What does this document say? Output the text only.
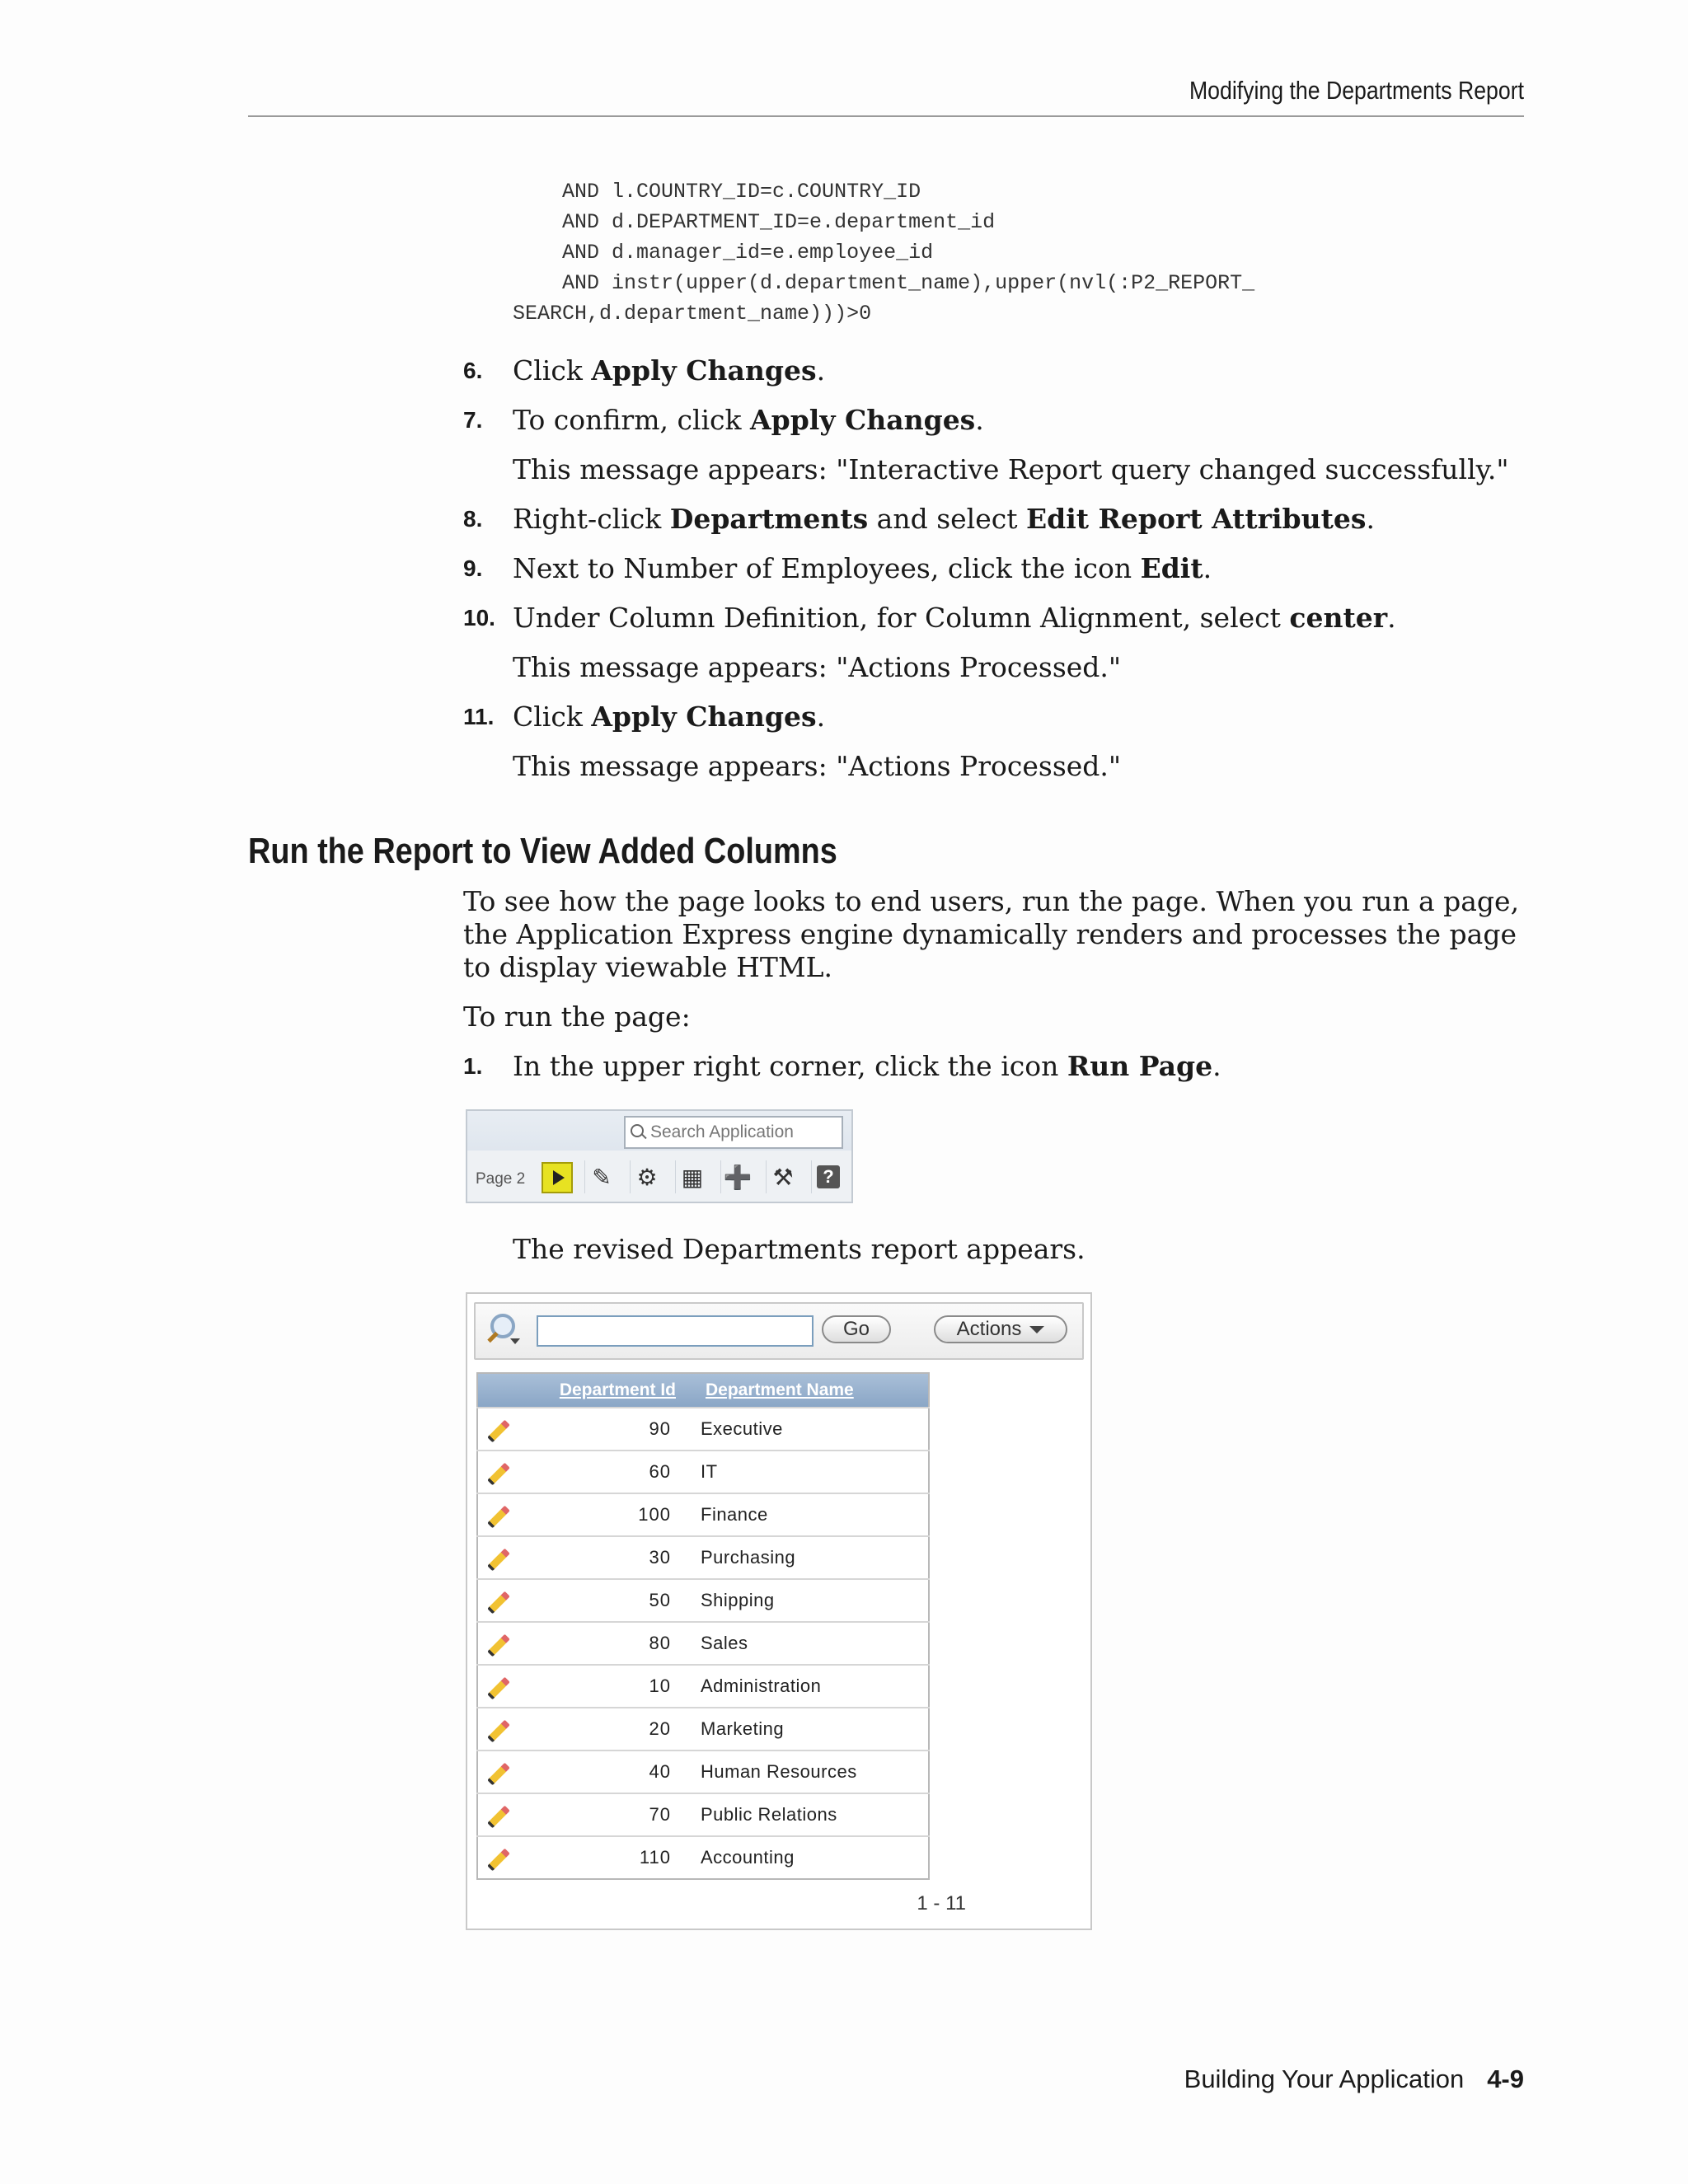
Modifying the Departments Report
AND l.COUNTRY_ID=c.COUNTRY_ID
AND d.DEPARTMENT_ID=e.department_id
AND d.manager_id=e.employee_id
AND instr(upper(d.department_name),upper(nvl(:P2_REPORT_
SEARCH,d.department_name)))>0
6. Click Apply Changes.
7. To confirm, click Apply Changes.
This message appears: "Interactive Report query changed successfully."
8. Right-click Departments and select Edit Report Attributes.
9. Next to Number of Employees, click the icon Edit.
10. Under Column Definition, for Column Alignment, select center.
This message appears: "Actions Processed."
11. Click Apply Changes.
This message appears: "Actions Processed."
Run the Report to View Added Columns

To see how the page looks to end users, run the page. When you run a page, the Application Express engine dynamically renders and processes the page to display viewable HTML.

To run the page:

1. In the upper right corner, click the icon Run Page.
Search Application
Page 2	✎	⚙ ▦ ➕ ⚒	?
The revised Departments report appears.
Go	Actions
	Department Id	Department Name
	90	Executive
	60	IT
	100	Finance
	30	Purchasing
	50	Shipping
	80	Sales
	10	Administration
	20	Marketing
	40	Human Resources
	70	Public Relations
	110	Accounting
1 - 11
Building Your Application 4-9
